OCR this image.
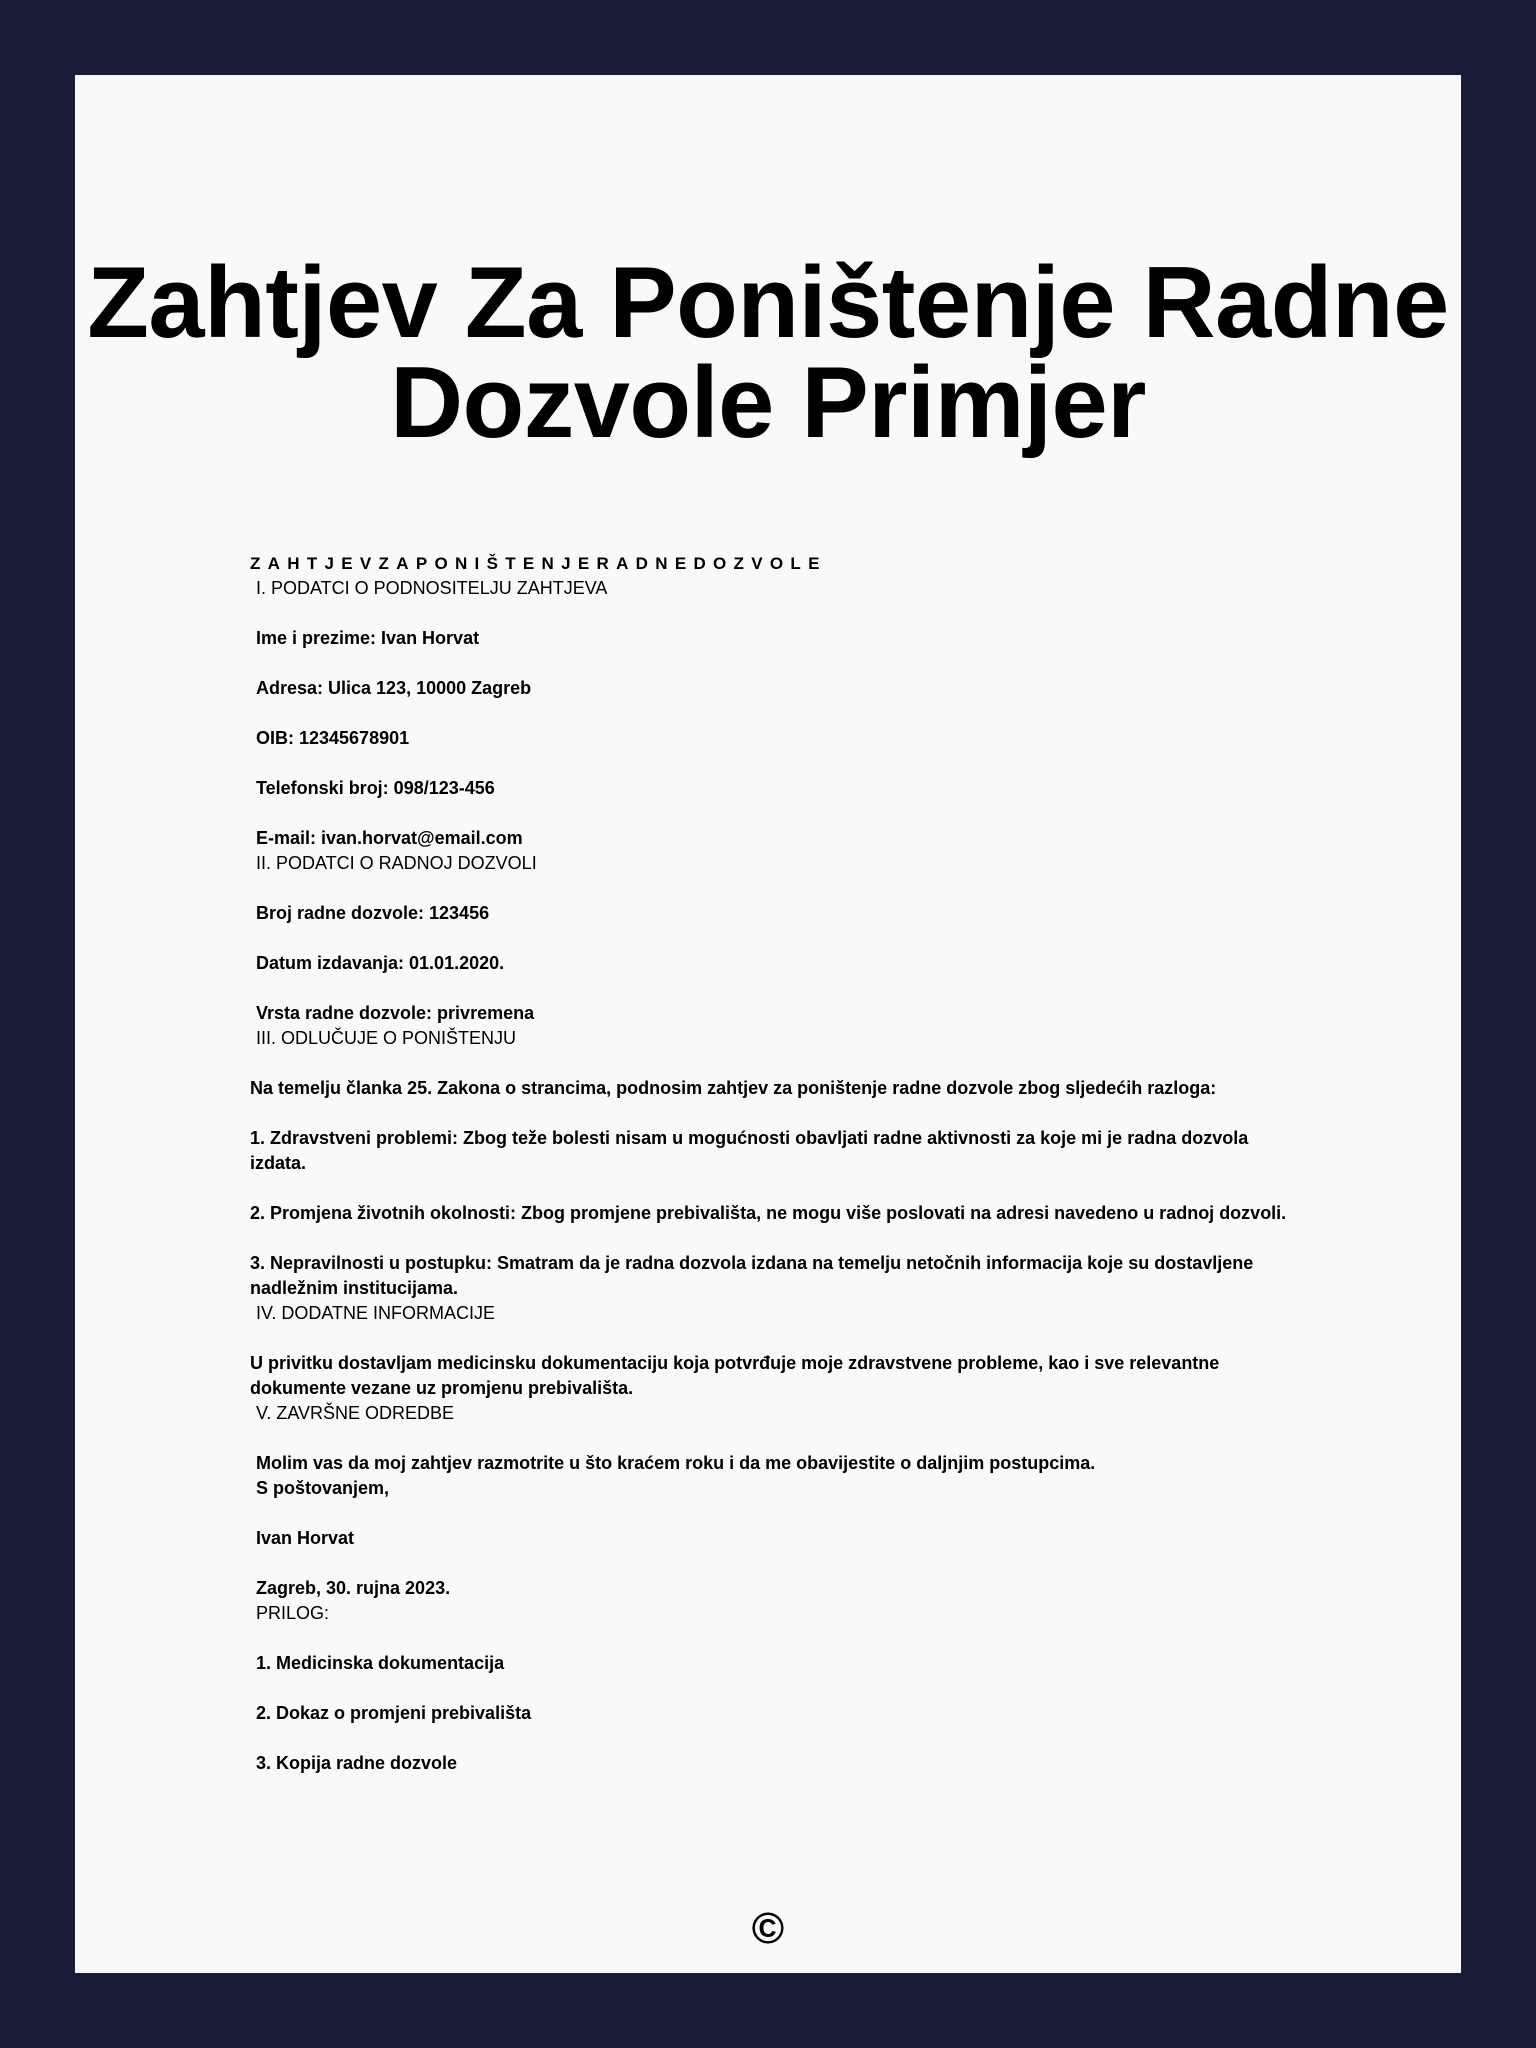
Zahtjev Za Poništenje Radne
Dozvole Primjer
ZAHTJEVZAPONIŠTENJERADNEDOZVOLE
I. PODATCI O PODNOSITELJU ZAHTJEVA
Ime i prezime: Ivan Horvat
Adresa: Ulica 123, 10000 Zagreb
OIB: 12345678901
Telefonski broj: 098/123-456
E-mail: ivan.horvat@email.com
II. PODATCI O RADNOJ DOZVOLI
Broj radne dozvole: 123456
Datum izdavanja: 01.01.2020.
Vrsta radne dozvole: privremena
III. ODLUČUJE O PONIŠTENJU
Na temelju članka 25. Zakona o strancima, podnosim zahtjev za poništenje radne dozvole zbog sljedećih razloga:
1. Zdravstveni problemi: Zbog teže bolesti nisam u mogućnosti obavljati radne aktivnosti za koje mi je radna dozvola izdata.
2. Promjena životnih okolnosti: Zbog promjene prebivališta, ne mogu više poslovati na adresi navedeno u radnoj dozvoli.
3. Nepravilnosti u postupku: Smatram da je radna dozvola izdana na temelju netočnih informacija koje su dostavljene nadležnim institucijama.
IV. DODATNE INFORMACIJE
U privitku dostavljam medicinsku dokumentaciju koja potvrđuje moje zdravstvene probleme, kao i sve relevantne dokumente vezane uz promjenu prebivališta.
V. ZAVRŠNE ODREDBE
Molim vas da moj zahtjev razmotrite u što kraćem roku i da me obavijestite o daljnjim postupcima.
S poštovanjem,
Ivan Horvat
Zagreb, 30. rujna 2023.
PRILOG:
1. Medicinska dokumentacija
2. Dokaz o promjeni prebivališta
3. Kopija radne dozvole
©
